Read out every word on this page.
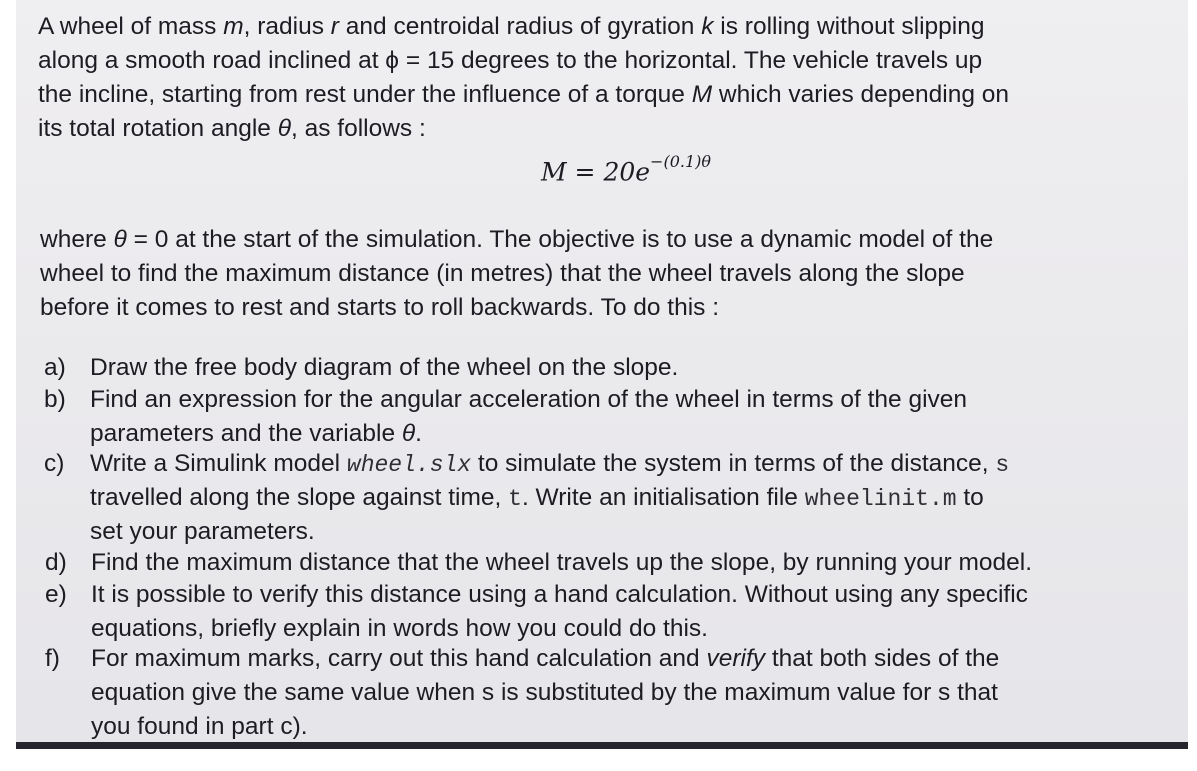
A wheel of mass m, radius r and centroidal radius of gyration k is rolling without slipping
along a smooth road inclined at ϕ = 15 degrees to the horizontal. The vehicle travels up
the incline, starting from rest under the influence of a torque M which varies depending on
its total rotation angle θ, as follows :
$M = 20e^{-(0.1)\theta}$
where θ = 0 at the start of the simulation. The objective is to use a dynamic model of the
wheel to find the maximum distance (in metres) that the wheel travels along the slope
before it comes to rest and starts to roll backwards. To do this :
a) Draw the free body diagram of the wheel on the slope.
b) Find an expression for the angular acceleration of the wheel in terms of the given
parameters and the variable θ.
c) Write a Simulink model wheel.slx to simulate the system in terms of the distance, s
travelled along the slope against time, t. Write an initialisation file wheelinit.m to
set your parameters.
d) Find the maximum distance that the wheel travels up the slope, by running your model.
e) It is possible to verify this distance using a hand calculation. Without using any specific
equations, briefly explain in words how you could do this.
f) For maximum marks, carry out this hand calculation and verify that both sides of the
equation give the same value when s is substituted by the maximum value for s that
you found in part c).
